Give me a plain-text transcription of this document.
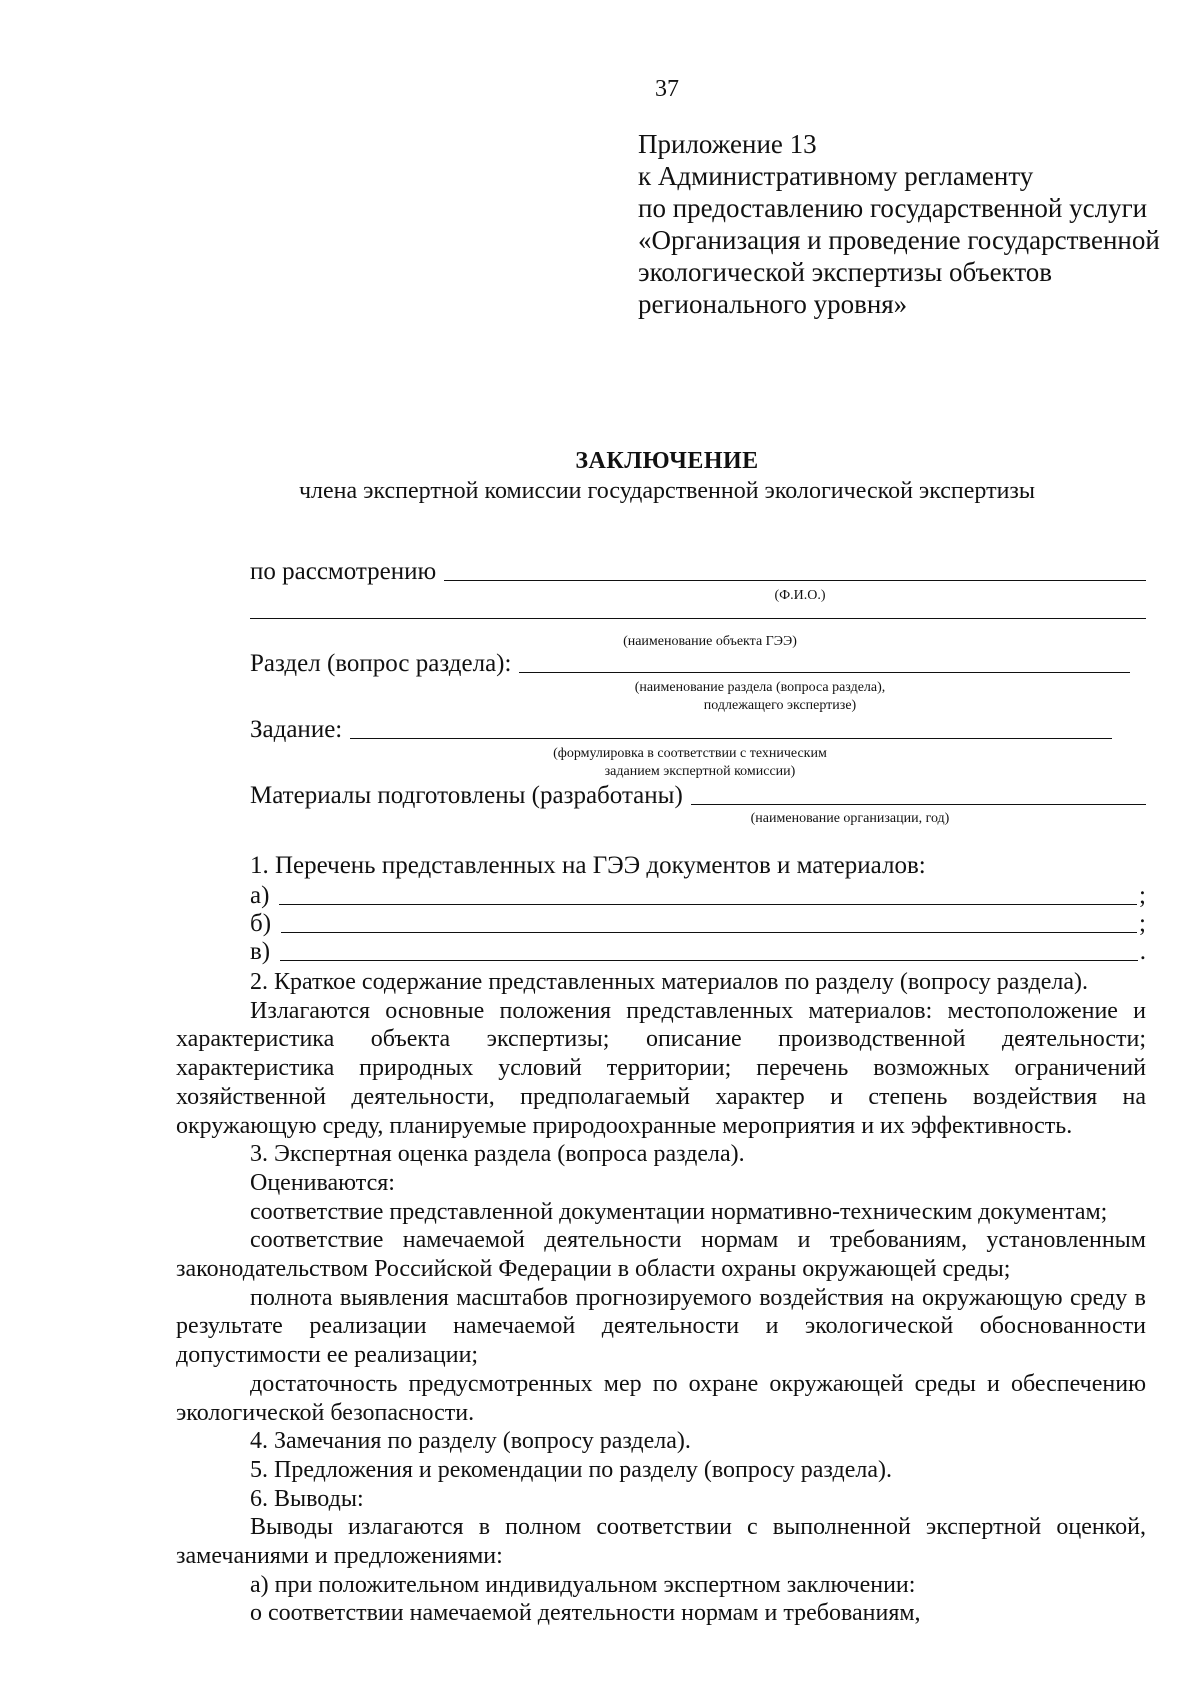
37
Приложение 13
к Административному регламенту
по предоставлению государственной услуги
«Организация и проведение государственной
экологической экспертизы объектов
регионального уровня»
ЗАКЛЮЧЕНИЕ
члена экспертной комиссии государственной экологической экспертизы
по рассмотрению
(Ф.И.О.)
(наименование объекта ГЭЭ)
Раздел (вопрос раздела):
(наименование раздела (вопроса раздела),
подлежащего экспертизе)
Задание:
(формулировка в соответствии с техническим
заданием экспертной комиссии)
Материалы подготовлены (разработаны)
(наименование организации, год)
1. Перечень представленных на ГЭЭ документов и материалов:
а)	;
б)	;
в)	.

2. Краткое содержание представленных материалов по разделу (вопросу раздела).

Излагаются основные положения представленных материалов: местоположение и характеристика объекта экспертизы; описание производственной деятельности; характеристика природных условий территории; перечень возможных ограничений хозяйственной деятельности, предполагаемый характер и степень воздействия на окружающую среду, планируемые природоохранные мероприятия и их эффективность.

3. Экспертная оценка раздела (вопроса раздела).

Оцениваются:

соответствие представленной документации нормативно-техническим документам;

соответствие намечаемой деятельности нормам и требованиям, установленным законодательством Российской Федерации в области охраны окружающей среды;

полнота выявления масштабов прогнозируемого воздействия на окружающую среду в результате реализации намечаемой деятельности и экологической обоснованности допустимости ее реализации;

достаточность предусмотренных мер по охране окружающей среды и обеспечению экологической безопасности.

4. Замечания по разделу (вопросу раздела).

5. Предложения и рекомендации по разделу (вопросу раздела).

6. Выводы:

Выводы излагаются в полном соответствии с выполненной экспертной оценкой, замечаниями и предложениями:

а) при положительном индивидуальном экспертном заключении:

о соответствии намечаемой деятельности нормам и требованиям,
